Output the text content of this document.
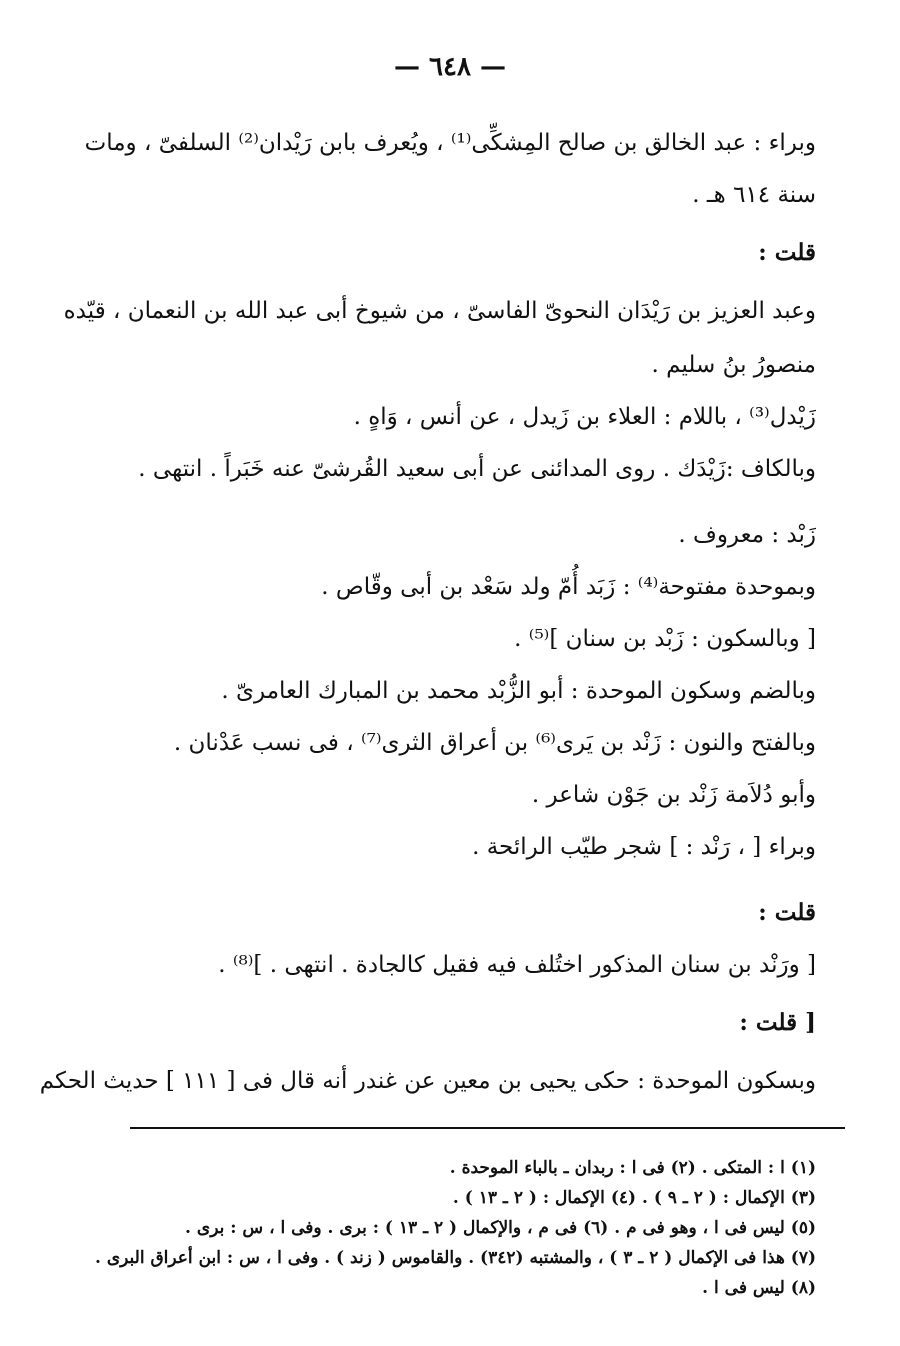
— ٦٤٨ —
وبراء : عبد الخالق بن صالح المِشكِّى⁽¹⁾ ، ويُعرف بابن رَيْدان⁽²⁾ السلفىّ ، ومات
سنة ٦١٤ هـ .
قلت :
وعبد العزيز بن رَيْدَان النحوىّ الفاسىّ ، من شيوخ أبى عبد الله بن النعمان ، قيّده
منصورُ بنُ سليم .
زَيْدل⁽³⁾ ، باللام : العلاء بن زَيدل ، عن أنس ، وَاهٍ .
وبالكاف :زَيْدَك . روى المدائنى عن أبى سعيد القُرشىّ عنه خَبَراً . انتهى .
زَبْد : معروف .
وبموحدة مفتوحة⁽⁴⁾ : زَبَد أُمّ ولد سَعْد بن أبى وقّاص .
[ وبالسكون : زَبْد بن سنان ]⁽⁵⁾ .
وبالضم وسكون الموحدة : أبو الزُّبْد محمد بن المبارك العامرىّ .
وبالفتح والنون : زَنْد بن يَرى⁽⁶⁾ بن أعراق الثرى⁽⁷⁾ ، فى نسب عَدْنان .
وأبو دُلاَمة زَنْد بن جَوْن شاعر .
وبراء [ ، رَنْد : ] شجر طيّب الرائحة .
قلت :
[ ورَنْد بن سنان المذكور اختُلف فيه فقيل كالجادة . انتهى . ]⁽⁸⁾ .
[ قلت :
وبسكون الموحدة : حكى يحيى بن معين عن غندر أنه قال فى [ ١١١ ] حديث الحكم
(١) ا : المتكى . (٢) فى ا : ربدان ـ بالباء الموحدة .
(٣) الإكمال : ( ٢ ـ ٩ ) . (٤) الإكمال : ( ٢ ـ ١٣ ) .
(٥) ليس فى ا ، وهو فى م . (٦) فى م ، والإكمال ( ٢ ـ ١٣ ) : برى . وفى ا ، س : برى .
(٧) هذا فى الإكمال ( ٢ ـ ٣ ) ، والمشتبه (٣٤٢) . والقاموس ( زند ) . وفى ا ، س : ابن أعراق البرى .
(٨) ليس فى ا .
